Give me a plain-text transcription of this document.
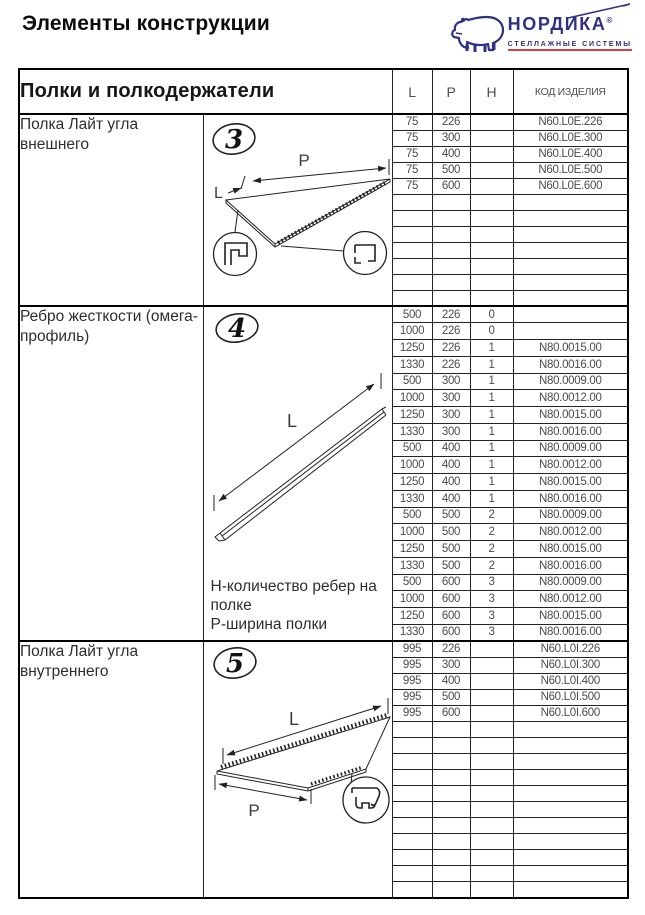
Элементы конструкции	НОРДИКА®
СТЕЛЛАЖНЫЕ СИСТЕМЫ
Полки и полкодержатели		L	P	H	КОД ИЗДЕЛИЯ
Полка Лайт угла внешнего	3
P
L	75	226		N60.L0E.226
		75	300		N60.L0E.300
		75	400		N60.L0E.400
		75	500		N60.L0E.500
		75	600		N60.L0E.600

Ребро жесткости (омега-профиль)	4
L
Н-количество ребер на полке
Р-ширина полки	500	226	0	
		1000	226	0	
		1250	226	1	N80.0015.00
		1330	226	1	N80.0016.00
		500	300	1	N80.0009.00
		1000	300	1	N80.0012.00
		1250	300	1	N80.0015.00
		1330	300	1	N80.0016.00
		500	400	1	N80.0009.00
		1000	400	1	N80.0012.00
		1250	400	1	N80.0015.00
		1330	400	1	N80.0016.00
		500	500	2	N80.0009.00
		1000	500	2	N80.0012.00
		1250	500	2	N80.0015.00
		1330	500	2	N80.0016.00
		500	600	3	N80.0009.00
		1000	600	3	N80.0012.00
		1250	600	3	N80.0015.00
		1330	600	3	N80.0016.00
Полка Лайт угла внутреннего	5
L
P	995	226		N60.L0I.226
		995	300		N60.L0I.300
		995	400		N60.L0I.400
		995	500		N60.L0I.500
		995	600		N60.L0I.600
